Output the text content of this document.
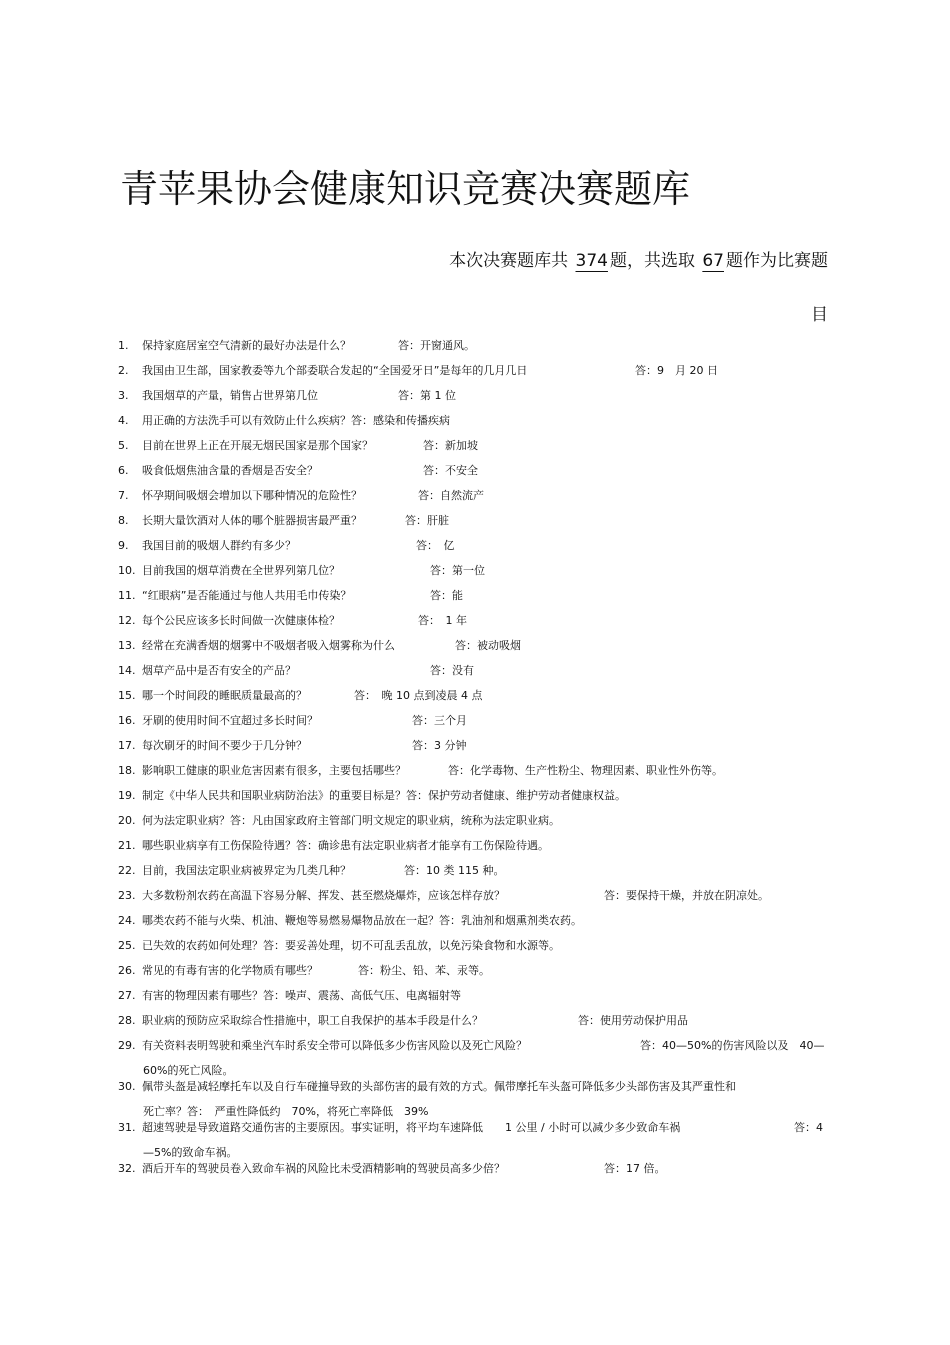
青苹果协会健康知识竞赛决赛题库
本次决赛题库共 374 题，共选取 67 题作为比赛题
目
1. 保持家庭居室空气清新的最好办法是什么？	答：开窗通风。
2. 我国由卫生部，国家教委等九个部委联合发起的“全国爱牙日”是每年的几月几日	答：9　月 20 日
3. 我国烟草的产量，销售占世界第几位	答：第 1 位
4. 用正确的方法洗手可以有效防止什么疾病？答：感染和传播疾病
5. 目前在世界上正在开展无烟民国家是那个国家？	答：新加坡
6. 吸食低烟焦油含量的香烟是否安全？	答：不安全
7. 怀孕期间吸烟会增加以下哪种情况的危险性？	答：自然流产
8. 长期大量饮酒对人体的哪个脏器损害最严重？	答：肝脏
9. 我国目前的吸烟人群约有多少？	答：　亿
10. 目前我国的烟草消费在全世界列第几位？	答：第一位
11. “红眼病”是否能通过与他人共用毛巾传染？	答：能
12. 每个公民应该多长时间做一次健康体检？	答：　1 年
13. 经常在充满香烟的烟雾中不吸烟者吸入烟雾称为什么	答：被动吸烟
14. 烟草产品中是否有安全的产品？	答：没有
15. 哪一个时间段的睡眠质量最高的？	答：　晚 10 点到凌晨 4 点
16. 牙刷的使用时间不宜超过多长时间？	答：三个月
17. 每次刷牙的时间不要少于几分钟？	答：3 分钟
18. 影响职工健康的职业危害因素有很多，主要包括哪些？	答：化学毒物、生产性粉尘、物理因素、职业性外伤等。
19. 制定《中华人民共和国职业病防治法》的重要目标是？答：保护劳动者健康、维护劳动者健康权益。
20. 何为法定职业病？答：凡由国家政府主管部门明文规定的职业病，统称为法定职业病。
21. 哪些职业病享有工伤保险待遇？答：确诊患有法定职业病者才能享有工伤保险待遇。
22. 目前，我国法定职业病被界定为几类几种？	答：10 类 115 种。
23. 大多数粉剂农药在高温下容易分解、挥发、甚至燃烧爆炸，应该怎样存放？	答：要保持干燥，并放在阴凉处。
24. 哪类农药不能与火柴、机油、鞭炮等易燃易爆物品放在一起？答：乳油剂和烟熏剂类农药。
25. 已失效的农药如何处理？答：要妥善处理，切不可乱丢乱放，以免污染食物和水源等。
26. 常见的有毒有害的化学物质有哪些？	答：粉尘、铅、苯、汞等。
27. 有害的物理因素有哪些？答：噪声、震荡、高低气压、电离辐射等
28. 职业病的预防应采取综合性措施中，职工自我保护的基本手段是什么？	答：使用劳动保护用品
29. 有关资料表明驾驶和乘坐汽车时系安全带可以降低多少伤害风险以及死亡风险？	答：40—50%的伤害风险以及　40—
60%的死亡风险。
30. 佩带头盔是减轻摩托车以及自行车碰撞导致的头部伤害的最有效的方式。佩带摩托车头盔可降低多少头部伤害及其严重性和
死亡率？答：　严重性降低约　70%，将死亡率降低　39%
31. 超速驾驶是导致道路交通伤害的主要原因。事实证明，将平均车速降低　　1 公里 / 小时可以减少多少致命车祸	答：4
—5%的致命车祸。
32. 酒后开车的驾驶员卷入致命车祸的风险比未受酒精影响的驾驶员高多少倍？	答：17 倍。
